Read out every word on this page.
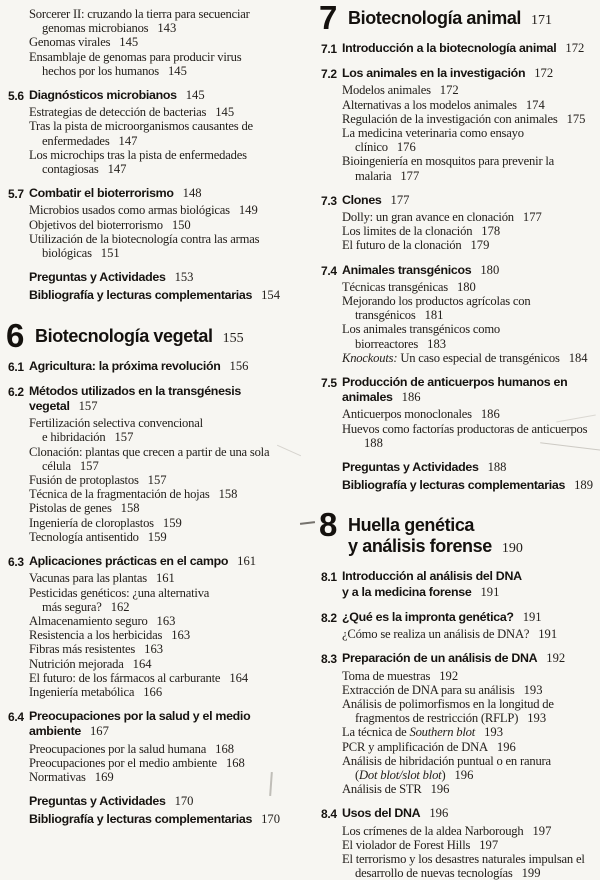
Sorcerer II: cruzando la tierra para secuenciar
genomas microbianos 143
Genomas virales 145
Ensamblaje de genomas para producir virus
hechos por los humanos 145
5.6 Diagnósticos microbianos 145
Estrategias de detección de bacterias 145
Tras la pista de microorganismos causantes de
enfermedades 147
Los microchips tras la pista de enfermedades
contagiosas 147
5.7 Combatir el bioterrorismo 148
Microbios usados como armas biológicas 149
Objetivos del bioterrorismo 150
Utilización de la biotecnología contra las armas
biológicas 151
Preguntas y Actividades 153
Bibliografía y lecturas complementarias 154
6 Biotecnología vegetal 155
6.1 Agricultura: la próxima revolución 156
6.2 Métodos utilizados en la transgénesis
vegetal 157
Fertilización selectiva convencional
e hibridación 157
Clonación: plantas que crecen a partir de una sola
célula 157
Fusión de protoplastos 157
Técnica de la fragmentación de hojas 158
Pistolas de genes 158
Ingeniería de cloroplastos 159
Tecnología antisentido 159
6.3 Aplicaciones prácticas en el campo 161
Vacunas para las plantas 161
Pesticidas genéticos: ¿una alternativa
más segura? 162
Almacenamiento seguro 163
Resistencia a los herbicidas 163
Fibras más resistentes 163
Nutrición mejorada 164
El futuro: de los fármacos al carburante 164
Ingeniería metabólica 166
6.4 Preocupaciones por la salud y el medio
ambiente 167
Preocupaciones por la salud humana 168
Preocupaciones por el medio ambiente 168
Normativas 169
Preguntas y Actividades 170
Bibliografía y lecturas complementarias 170
7 Biotecnología animal 171
7.1 Introducción a la biotecnología animal 172
7.2 Los animales en la investigación 172
Modelos animales 172
Alternativas a los modelos animales 174
Regulación de la investigación con animales 175
La medicina veterinaria como ensayo
clínico 176
Bioingeniería en mosquitos para prevenir la
malaria 177
7.3 Clones 177
Dolly: un gran avance en clonación 177
Los limites de la clonación 178
El futuro de la clonación 179
7.4 Animales transgénicos 180
Técnicas transgénicas 180
Mejorando los productos agrícolas con
transgénicos 181
Los animales transgénicos como
biorreactores 183
Knockouts: Un caso especial de transgénicos 184
7.5 Producción de anticuerpos humanos en
animales 186
Anticuerpos monoclonales 186
Huevos como factorías productoras de anticuerpos
188
Preguntas y Actividades 188
Bibliografía y lecturas complementarias 189
8 Huella genética
y análisis forense 190
8.1 Introducción al análisis del DNA
y a la medicina forense 191
8.2 ¿Qué es la impronta genética? 191
¿Cómo se realiza un análisis de DNA? 191
8.3 Preparación de un análisis de DNA 192
Toma de muestras 192
Extracción de DNA para su análisis 193
Análisis de polimorfismos en la longitud de
fragmentos de restricción (RFLP) 193
La técnica de Southern blot 193
PCR y amplificación de DNA 196
Análisis de hibridación puntual o en ranura
(Dot blot/slot blot) 196
Análisis de STR 196
8.4 Usos del DNA 196
Los crímenes de la aldea Narborough 197
El violador de Forest Hills 197
El terrorismo y los desastres naturales impulsan el
desarrollo de nuevas tecnologías 199
